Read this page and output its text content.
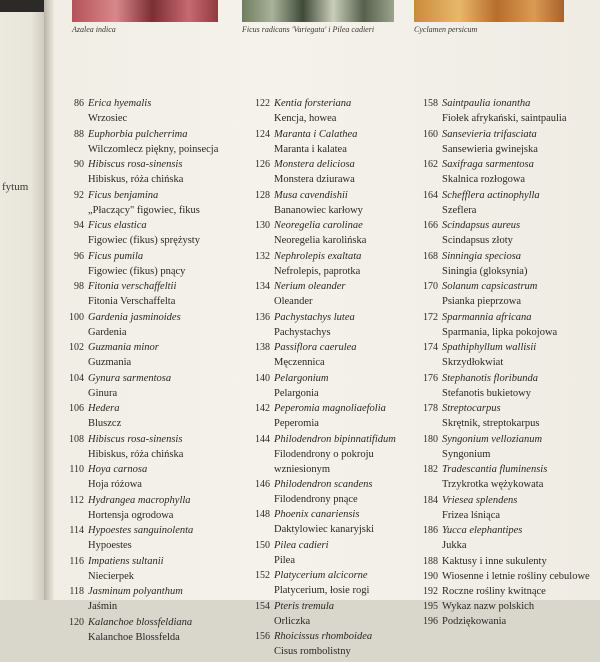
fytum
Azalea indica	Ficus radicans 'Variegata' i Pilea cadieri	Cyclamen persicum
86 Erica hyemalis
Wrzosiec
88 Euphorbia pulcherrima
Wilczomlecz piękny, poinsecja
90 Hibiscus rosa-sinensis
Hibiskus, róża chińska
92 Ficus benjamina
„Płaczący" figowiec, fikus
94 Ficus elastica
Figowiec (fikus) sprężysty
96 Ficus pumila
Figowiec (fikus) pnący
98 Fitonia verschaffeltii
Fitonia Verschaffelta
100 Gardenia jasminoides
Gardenia
102 Guzmania minor
Guzmania
104 Gynura sarmentosa
Ginura
106 Hedera
Bluszcz
108 Hibiscus rosa-sinensis
Hibiskus, róża chińska
110 Hoya carnosa
Hoja różowa
112 Hydrangea macrophylla
Hortensja ogrodowa
114 Hypoestes sanguinolenta
Hypoestes
116 Impatiens sultanii
Niecierpek
118 Jasminum polyanthum
Jaśmin
120 Kalanchoe blossfeldiana
Kalanchoe Blossfelda
122 Kentia forsteriana
Kencja, howea
124 Maranta i Calathea
Maranta i kalatea
126 Monstera deliciosa
Monstera dziurawa
128 Musa cavendishii
Bananowiec karłowy
130 Neoregelia carolinae
Neoregelia karolińska
132 Nephrolepis exaltata
Nefrolepis, paprotka
134 Nerium oleander
Oleander
136 Pachystachys lutea
Pachystachys
138 Passiflora caerulea
Męczennica
140 Pelargonium
Pelargonia
142 Peperomia magnoliaefolia
Peperomia
144 Philodendron bipinnatifidum
Filodendrony o pokroju
wzniesionym
146 Philodendron scandens
Filodendrony pnące
148 Phoenix canariensis
Daktylowiec kanaryjski
150 Pilea cadieri
Pilea
152 Platycerium alcicorne
Platycerium, łosie rogi
154 Pteris tremula
Orliczka
156 Rhoicissus rhomboidea
Cisus rombolistny
158 Saintpaulia ionantha
Fiołek afrykański, saintpaulia
160 Sansevieria trifasciata
Sansewieria gwinejska
162 Saxifraga sarmentosa
Skalnica rozłogowa
164 Schefflera actinophylla
Szeflera
166 Scindapsus aureus
Scindapsus złoty
168 Sinningia speciosa
Siningia (gloksynia)
170 Solanum capsicastrum
Psianka pieprzowa
172 Sparmannia africana
Sparmania, lipka pokojowa
174 Spathiphyllum wallisii
Skrzydłokwiat
176 Stephanotis floribunda
Stefanotis bukietowy
178 Streptocarpus
Skrętnik, streptokarpus
180 Syngonium vellozianum
Syngonium
182 Tradescantia fluminensis
Trzykrotka wężykowata
184 Vriesea splendens
Frizea lśniąca
186 Yucca elephantipes
Jukka
188 Kaktusy i inne sukulenty
190 Wiosenne i letnie rośliny cebulowe
192 Roczne rośliny kwitnące
195 Wykaz nazw polskich
196 Podziękowania
